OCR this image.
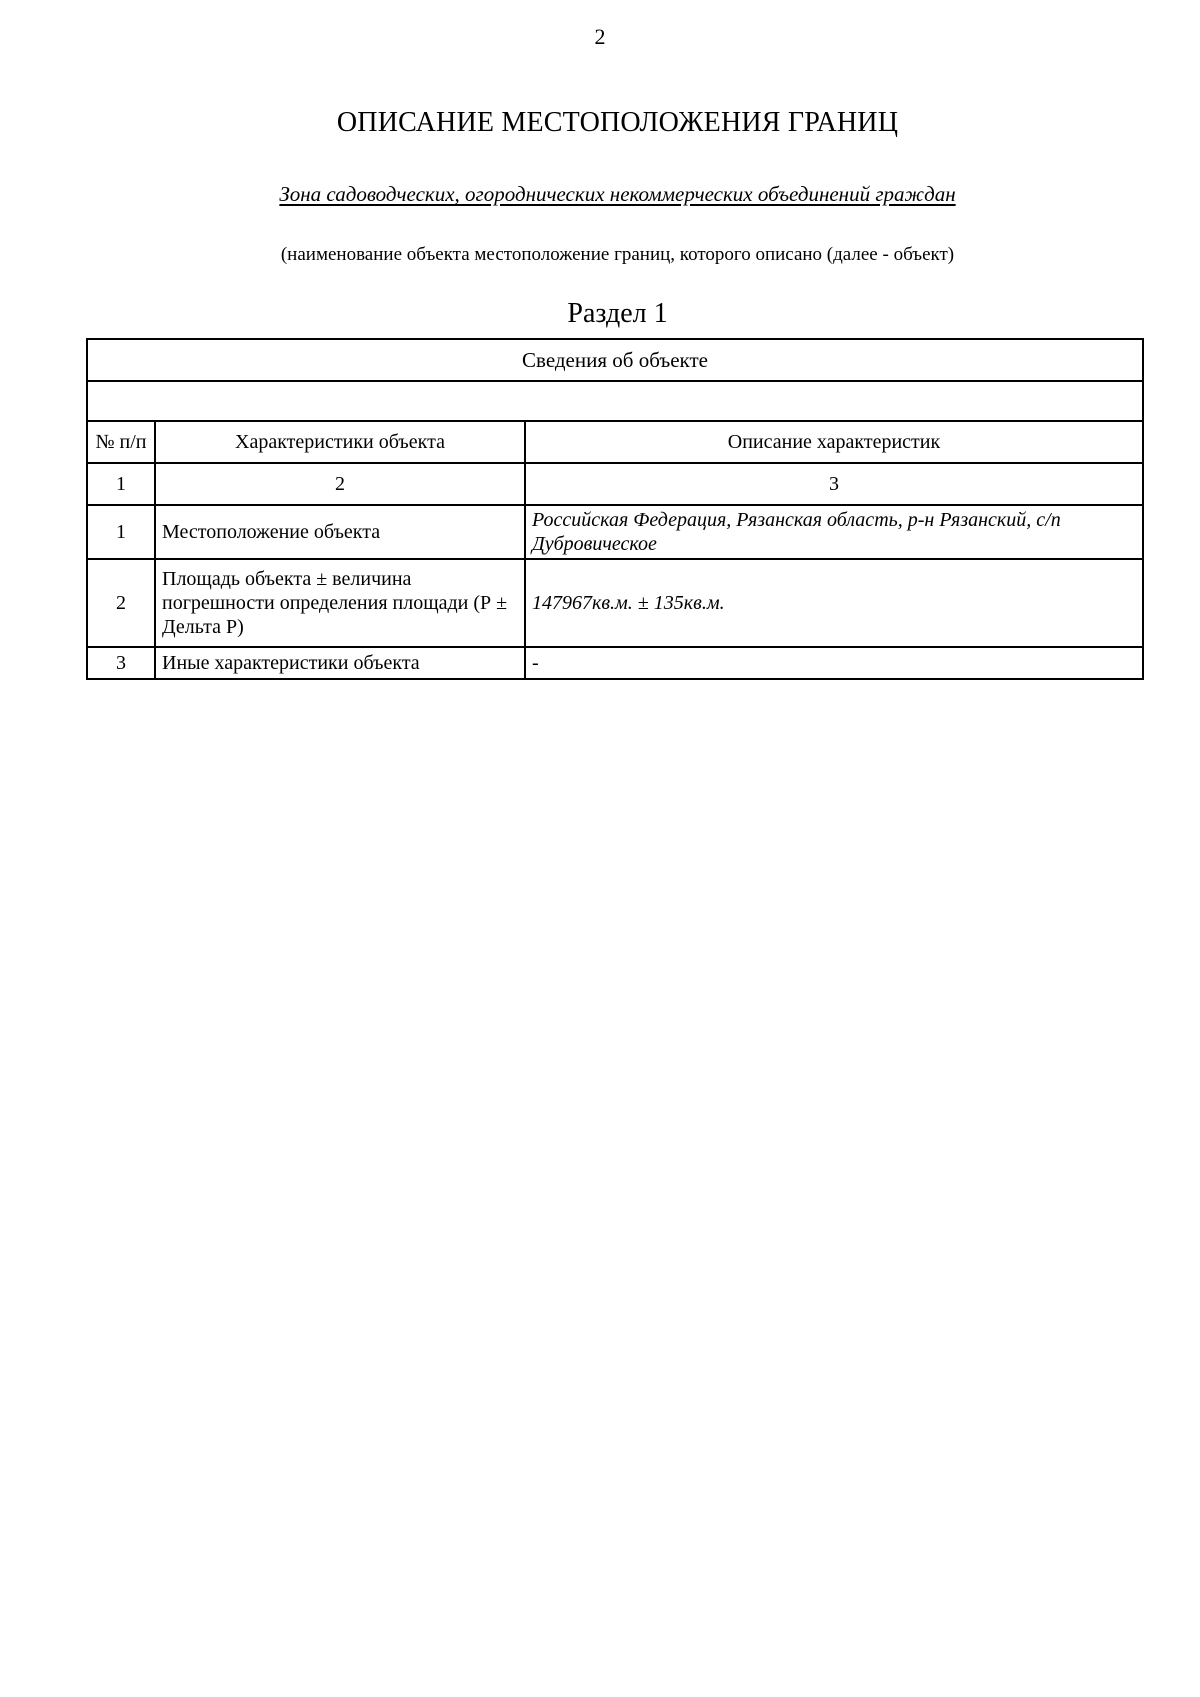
2
ОПИСАНИЕ МЕСТОПОЛОЖЕНИЯ ГРАНИЦ
Зона садоводческих, огороднических некоммерческих объединений граждан
(наименование объекта местоположение границ, которого описано (далее - объект)
Раздел 1
Сведения об объекте		

№ п/п	Характеристики объекта	Описание характеристик
1	2	3
1	Местоположение объекта	Российская Федерация, Рязанская область, р-н Рязанский, с/п Дубровическое
2	Площадь объекта ± величина погрешности определения площади (Р ± Дельта Р)	147967кв.м. ± 135кв.м.
3	Иные характеристики объекта	-
